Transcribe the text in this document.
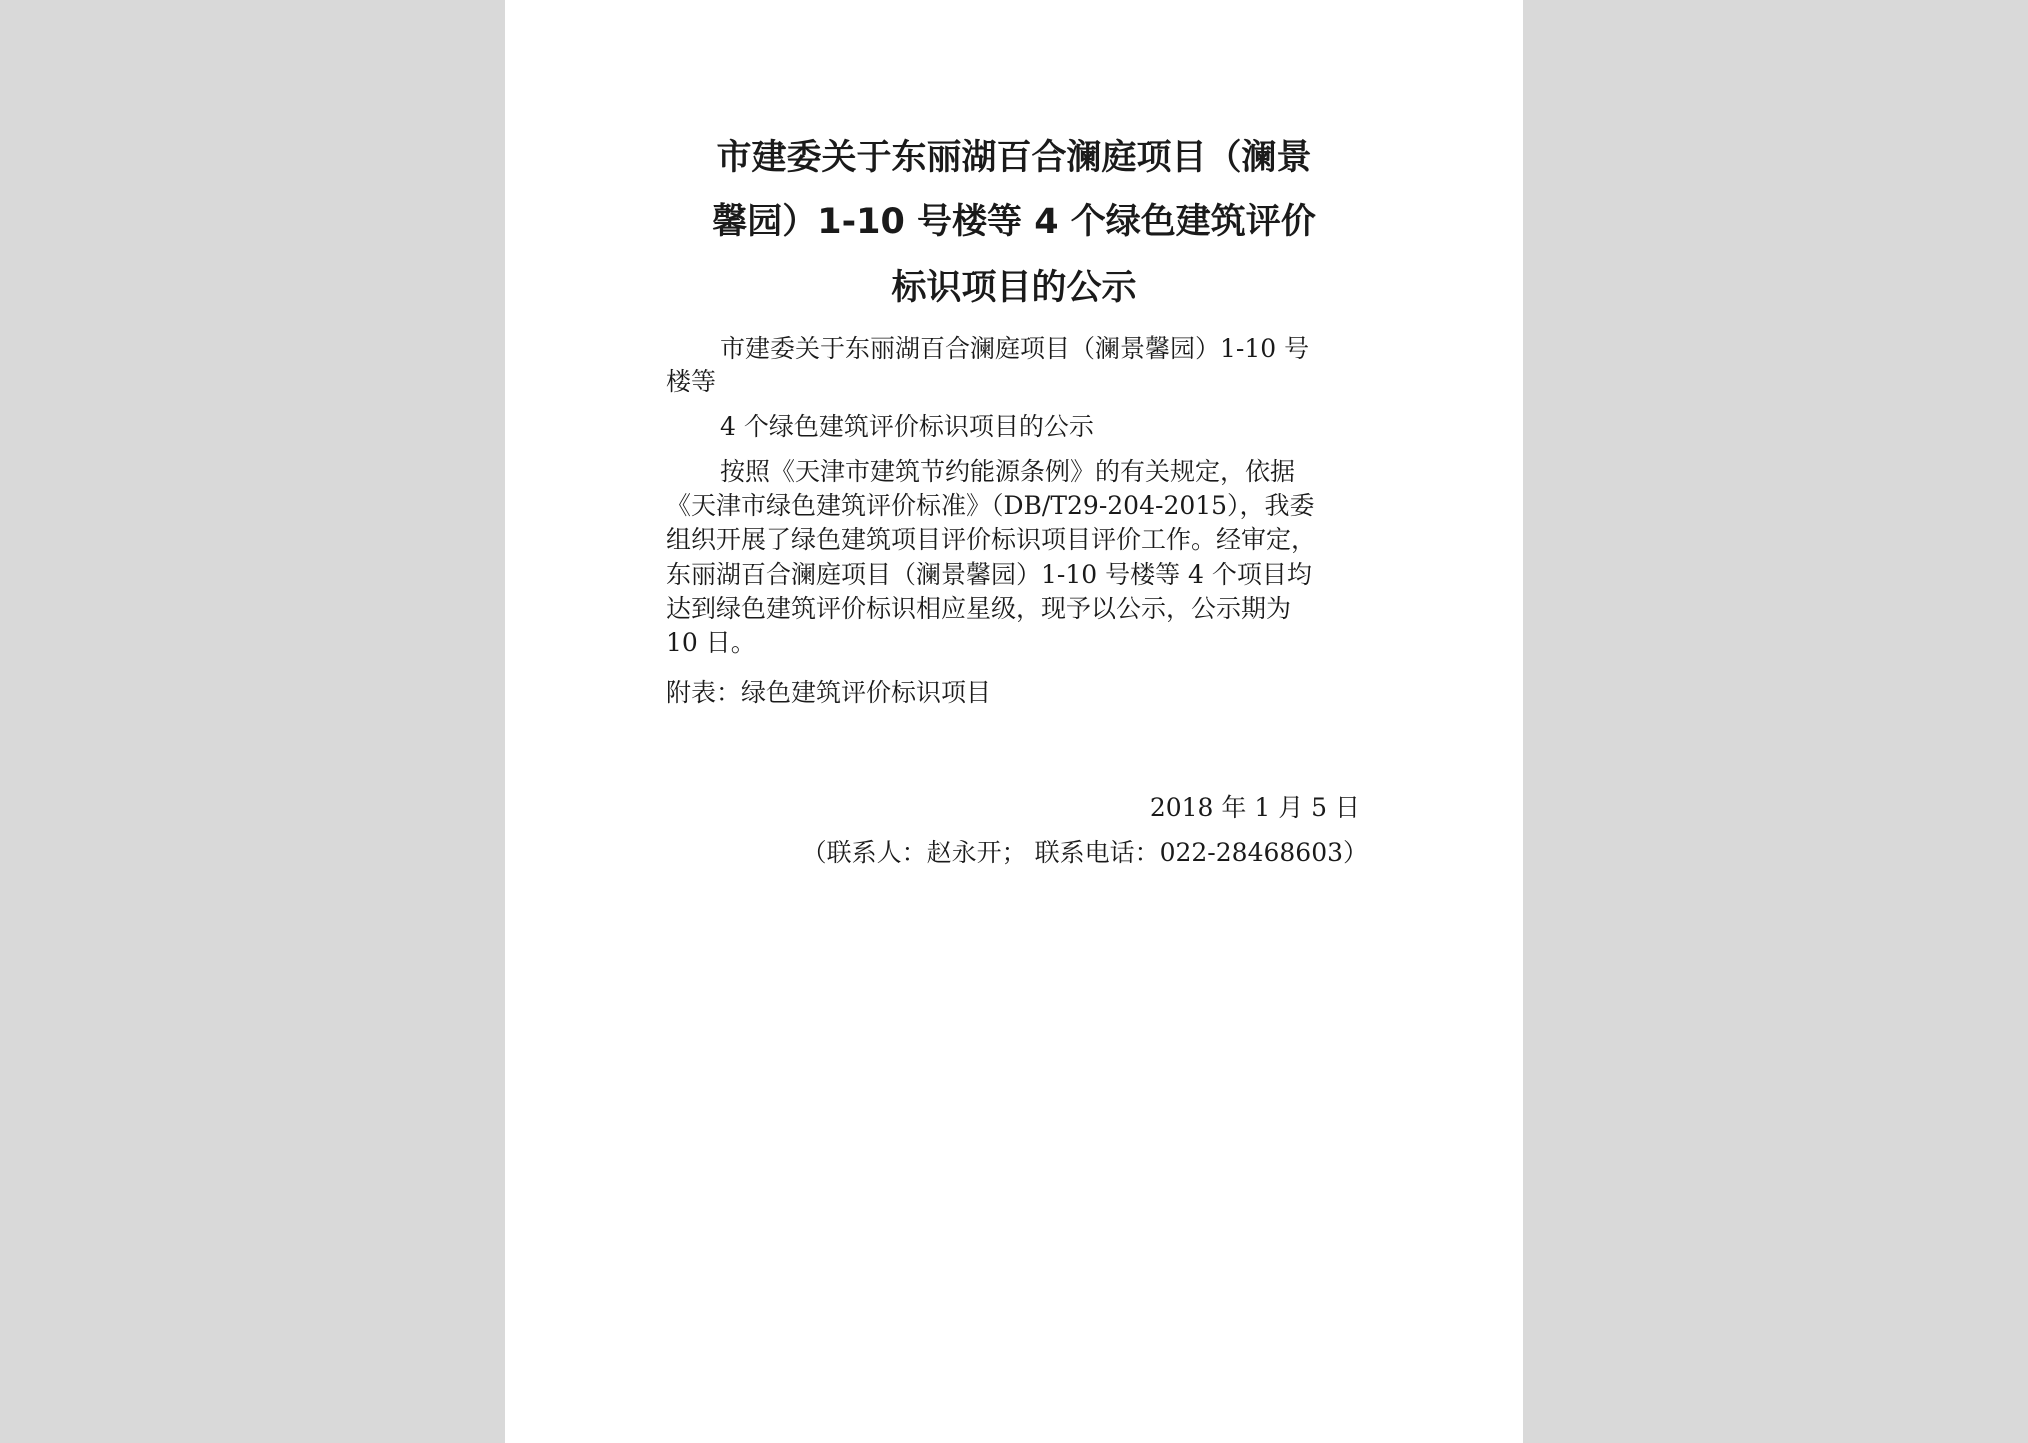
市建委关于东丽湖百合澜庭项目（澜景
馨园）1-10 号楼等 4 个绿色建筑评价
标识项目的公示
市建委关于东丽湖百合澜庭项目（澜景馨园）1-10 号
楼等
4 个绿色建筑评价标识项目的公示
按照《天津市建筑节约能源条例》的有关规定，依据
《天津市绿色建筑评价标准》（DB/T29-204-2015），我委
组织开展了绿色建筑项目评价标识项目评价工作。经审定，
东丽湖百合澜庭项目（澜景馨园）1-10 号楼等 4 个项目均
达到绿色建筑评价标识相应星级，现予以公示，公示期为
10 日。
附表：绿色建筑评价标识项目
2018 年 1 月 5 日
（联系人：赵永开； 联系电话：022-28468603）
